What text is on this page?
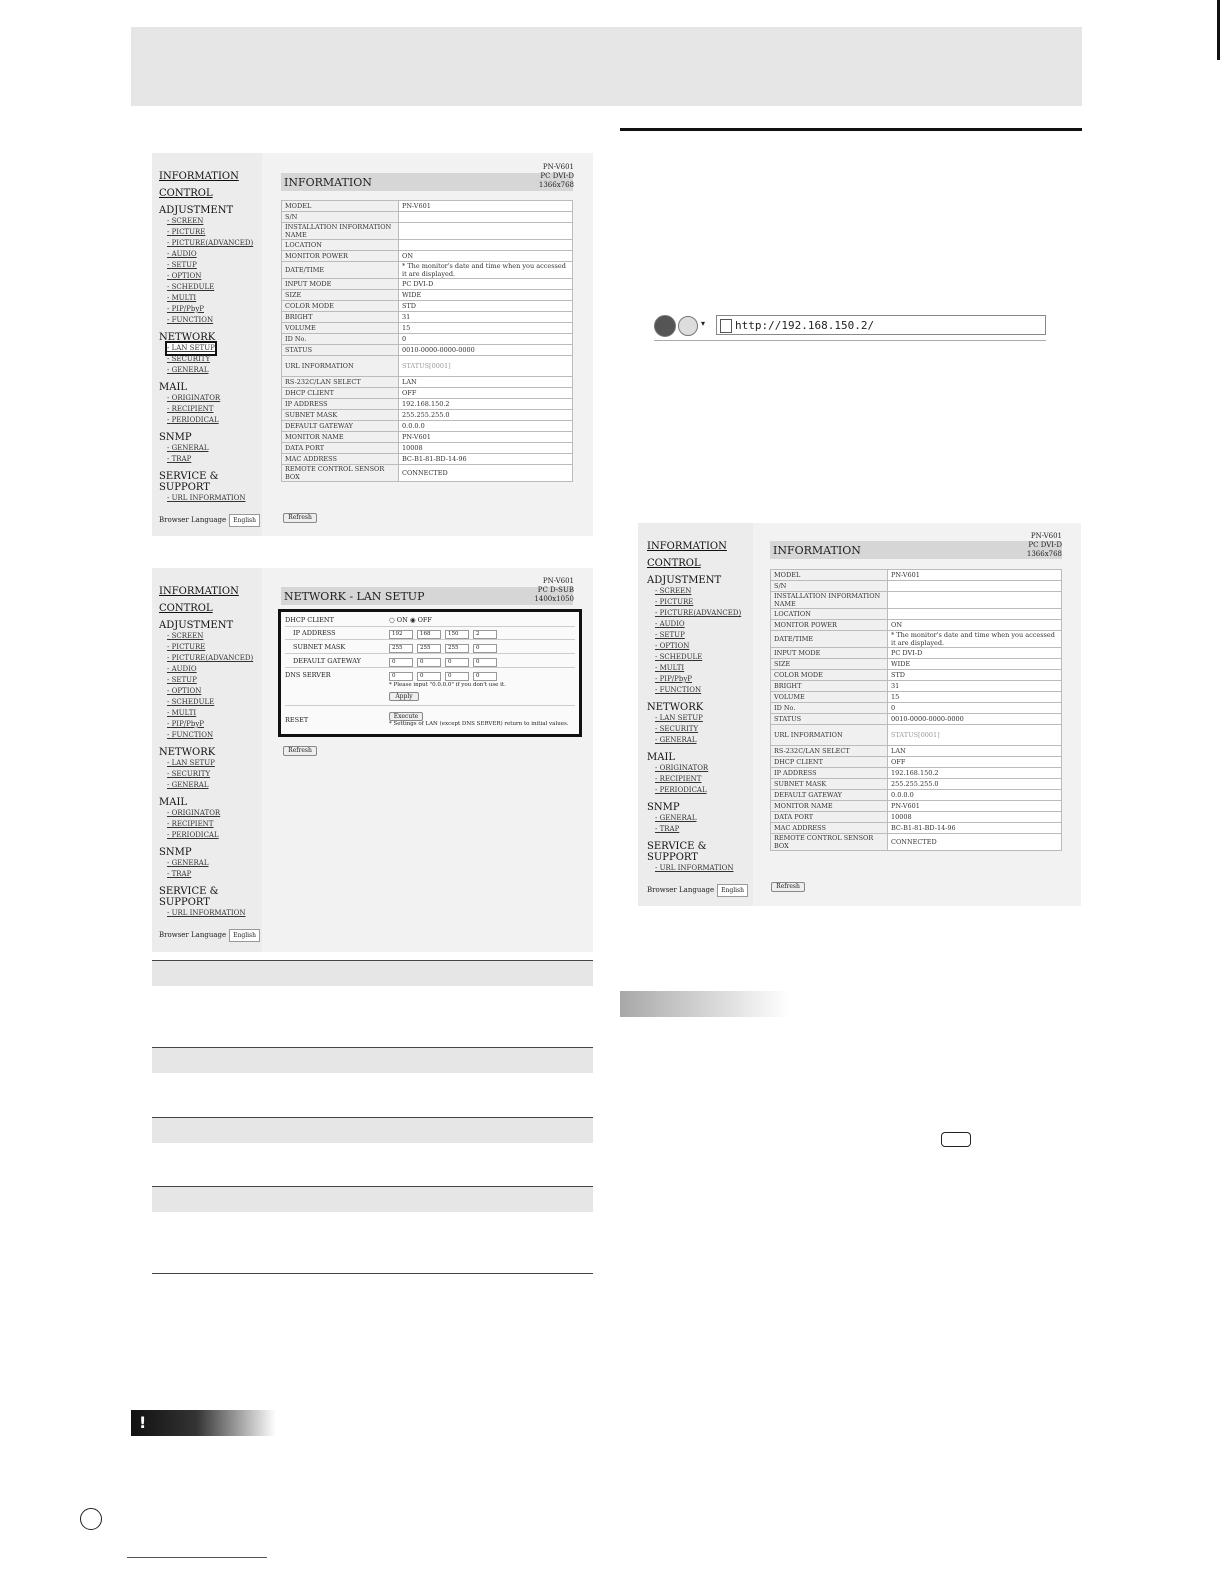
INFORMATION
CONTROL
ADJUSTMENT
- SCREEN
- PICTURE
- PICTURE(ADVANCED)
- AUDIO
- SETUP
- OPTION
- SCHEDULE
- MULTI
- PIP/PbyP
- FUNCTION
NETWORK
- LAN SETUP

- SECURITY
- GENERAL
MAIL
- ORIGINATOR
- RECIPIENT
- PERIODICAL
SNMP
- GENERAL
- TRAP
SERVICE & SUPPORT
- URL INFORMATION
Browser Language English
INFORMATION
PN-V601
PC DVI-D
1366x768
MODEL	PN-V601
S/N	
INSTALLATION INFORMATION NAME	
LOCATION	
MONITOR POWER	ON
DATE/TIME	* The monitor's date and time when you accessed it are displayed.
INPUT MODE	PC DVI-D
SIZE	WIDE
COLOR MODE	STD
BRIGHT	31
VOLUME	15
ID No.	0
STATUS	0010-0000-0000-0000
URL INFORMATION	STATUS[0001]
RS-232C/LAN SELECT	LAN
DHCP CLIENT	OFF
IP ADDRESS	192.168.150.2
SUBNET MASK	255.255.255.0
DEFAULT GATEWAY	0.0.0.0
MONITOR NAME	PN-V601
DATA PORT	10008
MAC ADDRESS	BC-B1-81-BD-14-96
REMOTE CONTROL SENSOR BOX	CONNECTED
Refresh
INFORMATION
CONTROL
ADJUSTMENT
- SCREEN
- PICTURE
- PICTURE(ADVANCED)
- AUDIO
- SETUP
- OPTION
- SCHEDULE
- MULTI
- PIP/PbyP
- FUNCTION
NETWORK
- LAN SETUP
- SECURITY
- GENERAL
MAIL
- ORIGINATOR
- RECIPIENT
- PERIODICAL
SNMP
- GENERAL
- TRAP
SERVICE & SUPPORT
- URL INFORMATION
Browser Language English
NETWORK - LAN SETUP
PN-V601
PC D-SUB
1400x1050
DHCP CLIENT	○ ON ◉ OFF
IP ADDRESS	192	168	150	2
SUBNET MASK	255	255	255	0
DEFAULT GATEWAY	0	0	0	0
DNS SERVER	0	0	0	0
* Please input "0.0.0.0" if you don't use it.
Apply
RESET	Execute
* Settings of LAN (except DNS SERVER) return to initial values.
Refresh
▾	http://192.168.150.2/
INFORMATION
CONTROL
ADJUSTMENT
- SCREEN
- PICTURE
- PICTURE(ADVANCED)
- AUDIO
- SETUP
- OPTION
- SCHEDULE
- MULTI
- PIP/PbyP
- FUNCTION
NETWORK
- LAN SETUP
- SECURITY
- GENERAL
MAIL
- ORIGINATOR
- RECIPIENT
- PERIODICAL
SNMP
- GENERAL
- TRAP
SERVICE & SUPPORT
- URL INFORMATION
Browser Language English
INFORMATION
PN-V601
PC DVI-D
1366x768
MODEL	PN-V601
S/N	
INSTALLATION INFORMATION NAME	
LOCATION	
MONITOR POWER	ON
DATE/TIME	* The monitor's date and time when you accessed it are displayed.
INPUT MODE	PC DVI-D
SIZE	WIDE
COLOR MODE	STD
BRIGHT	31
VOLUME	15
ID No.	0
STATUS	0010-0000-0000-0000
URL INFORMATION	STATUS[0001]
RS-232C/LAN SELECT	LAN
DHCP CLIENT	OFF
IP ADDRESS	192.168.150.2
SUBNET MASK	255.255.255.0
DEFAULT GATEWAY	0.0.0.0
MONITOR NAME	PN-V601
DATA PORT	10008
MAC ADDRESS	BC-B1-81-BD-14-96
REMOTE CONTROL SENSOR BOX	CONNECTED
Refresh
!
